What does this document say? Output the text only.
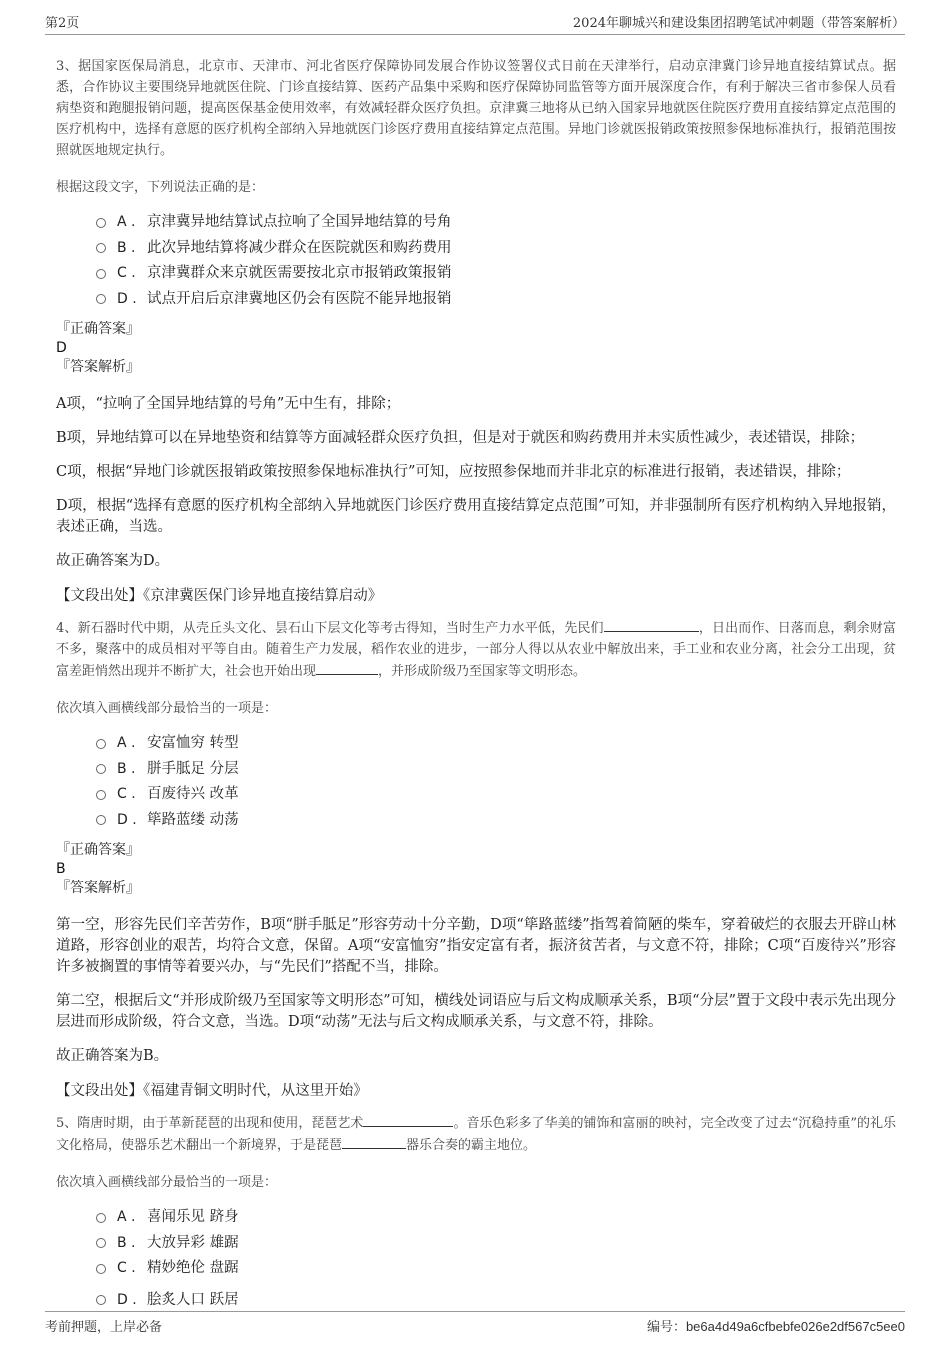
第2页	2024年聊城兴和建设集团招聘笔试冲刺题（带答案解析）

3、据国家医保局消息，北京市、天津市、河北省医疗保障协同发展合作协议签署仪式日前在天津举行，启动京津冀门诊异地直接结算试点。据悉，合作协议主要围绕异地就医住院、门诊直接结算、医药产品集中采购和医疗保障协同监管等方面开展深度合作，有利于解决三省市参保人员看病垫资和跑腿报销问题，提高医保基金使用效率，有效减轻群众医疗负担。京津冀三地将从已纳入国家异地就医住院医疗费用直接结算定点范围的医疗机构中，选择有意愿的医疗机构全部纳入异地就医门诊医疗费用直接结算定点范围。异地门诊就医报销政策按照参保地标准执行，报销范围按照就医地规定执行。

根据这段文字，下列说法正确的是：

A . 京津冀异地结算试点拉响了全国异地结算的号角
B . 此次异地结算将减少群众在医院就医和购药费用
C . 京津冀群众来京就医需要按北京市报销政策报销
D . 试点开启后京津冀地区仍会有医院不能异地报销

『正确答案』

D

『答案解析』

A项，“拉响了全国异地结算的号角”无中生有，排除；

B项，异地结算可以在异地垫资和结算等方面减轻群众医疗负担，但是对于就医和购药费用并未实质性减少，表述错误，排除；

C项，根据“异地门诊就医报销政策按照参保地标准执行”可知，应按照参保地而并非北京的标准进行报销，表述错误，排除；

D项，根据“选择有意愿的医疗机构全部纳入异地就医门诊医疗费用直接结算定点范围”可知，并非强制所有医疗机构纳入异地报销，表述正确，当选。

故正确答案为D。

【文段出处】《京津冀医保门诊异地直接结算启动》

4、新石器时代中期，从壳丘头文化、昙石山下层文化等考古得知，当时生产力水平低，先民们	，日出而作、日落而息，剩余财富不多，聚落中的成员相对平等自由。随着生产力发展，稻作农业的进步，一部分人得以从农业中解放出来，手工业和农业分离，社会分工出现，贫富差距悄然出现并不断扩大，社会也开始出现	，并形成阶级乃至国家等文明形态。

依次填入画横线部分最恰当的一项是：

A . 安富恤穷 转型
B . 胼手胝足 分层
C . 百废待兴 改革
D . 筚路蓝缕 动荡

『正确答案』

B

『答案解析』

第一空，形容先民们辛苦劳作，B项“胼手胝足”形容劳动十分辛勤，D项“筚路蓝缕”指驾着简陋的柴车，穿着破烂的衣服去开辟山林道路，形容创业的艰苦，均符合文意，保留。A项“安富恤穷”指安定富有者，振济贫苦者，与文意不符，排除；C项“百废待兴”形容许多被搁置的事情等着要兴办，与“先民们”搭配不当，排除。

第二空，根据后文“并形成阶级乃至国家等文明形态”可知，横线处词语应与后文构成顺承关系，B项“分层”置于文段中表示先出现分层进而形成阶级，符合文意，当选。D项“动荡”无法与后文构成顺承关系，与文意不符，排除。

故正确答案为B。

【文段出处】《福建青铜文明时代，从这里开始》

5、隋唐时期，由于革新琵琶的出现和使用，琵琶艺术	。音乐色彩多了华美的铺饰和富丽的映衬，完全改变了过去“沉稳持重”的礼乐文化格局，使器乐艺术翻出一个新境界，于是琵琶	器乐合奏的霸主地位。

依次填入画横线部分最恰当的一项是：

A . 喜闻乐见 跻身
B . 大放异彩 雄踞
C . 精妙绝伦 盘踞
D . 脍炙人口 跃居
考前押题，上岸必备	编号：be6a4d49a6cfbebfe026e2df567c5ee0
